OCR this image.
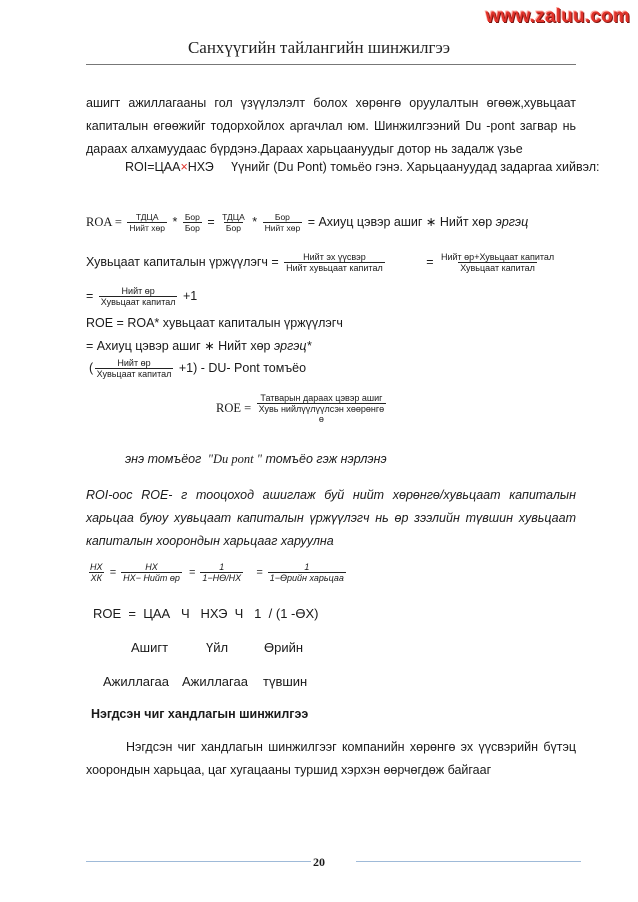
www.zaluu.com
Санхүүгийн тайлангийн шинжилгээ
ашигт ажиллагааны гол үзүүлэлэлт болох хөрөнгө оруулалтын өгөөж,хувьцаат капиталын өгөөжийг тодорхойлох аргачлал юм. Шинжилгээний Du -pont загвар нь дараах алхамуудаас бүрдэнэ.Дараах харьцаануудыг дотор нь задалж үзье
ROI=ЦАА×НХЭ Үүнийг (Du Pont) томьёо гэнэ. Харьцаануудад задаргаа хийвэл:
ROA = $\frac{\text{ТДЦА}}{\text{Нийт хөр}} * \frac{\text{Бор}}{\text{Бор}} = \frac{\text{ТДЦА}}{\text{Бор}} * \frac{\text{Бор}}{\text{Нийт хөр}}$ = Ахиуц цэвэр ашиг ∗ Нийт хөр эргэц
Хувьцаат капиталын үржүүлэгч = $\frac{\text{Нийт эх үүсвэр}}{\text{Нийт хувьцаат капитал}}$	= $\frac{\text{Нийт өр+Хувьцаат капитал}}{\text{Хувьцаат капитал}}$
= $\frac{\text{Нийт өр}}{\text{Хувьцаат капитал}} +1$
ROE = ROA* хувьцаат капиталын үржүүлэгч
= Ахиуц цэвэр ашиг ∗ Нийт хөр эргэц*
( $\frac{\text{Нийт өр}}{\text{Хувьцаат капитал}} +1) - DU-$ Pont томъёо
ROE =
Татварын дараах цэвэр ашиг
Хувь нийлүүлүүлсэн хөөрөнгө
ө
энэ томъёог "Du pont " томъёо гэж нэрлэнэ
ROI-оос ROE- г тооцоход ашиглаж буй нийт хөрөнгө/хувьцаат капиталын харьцаа буюу хувьцаат капиталын үржүүлэгч нь өр зээлийн түвшин хувьцаат капиталын хоорондын харьцааг харуулна
$\frac{НХ}{ХК} = \frac{НХ}{\text{НХ− Нийт өр}} = \frac{1}{1-НӨ/НХ} = \frac{1}{\text{1−Өрийн харьцаа}}$
ROE  =  ЦАА   Ч   НХЭ  Ч   1  / (1 -ӨХ)
Ашигт	Үйл	Өрийн
Ажиллагаа Ажиллагаа түвшин
Нэгдсэн чиг хандлагын шинжилгээ
Нэгдсэн чиг хандлагын шинжилгээг компанийн хөрөнгө эх үүсвэрийн бүтэц хоорондын харьцаа, цаг хугацааны туршид хэрхэн өөрчөгдөж байгааг
20
